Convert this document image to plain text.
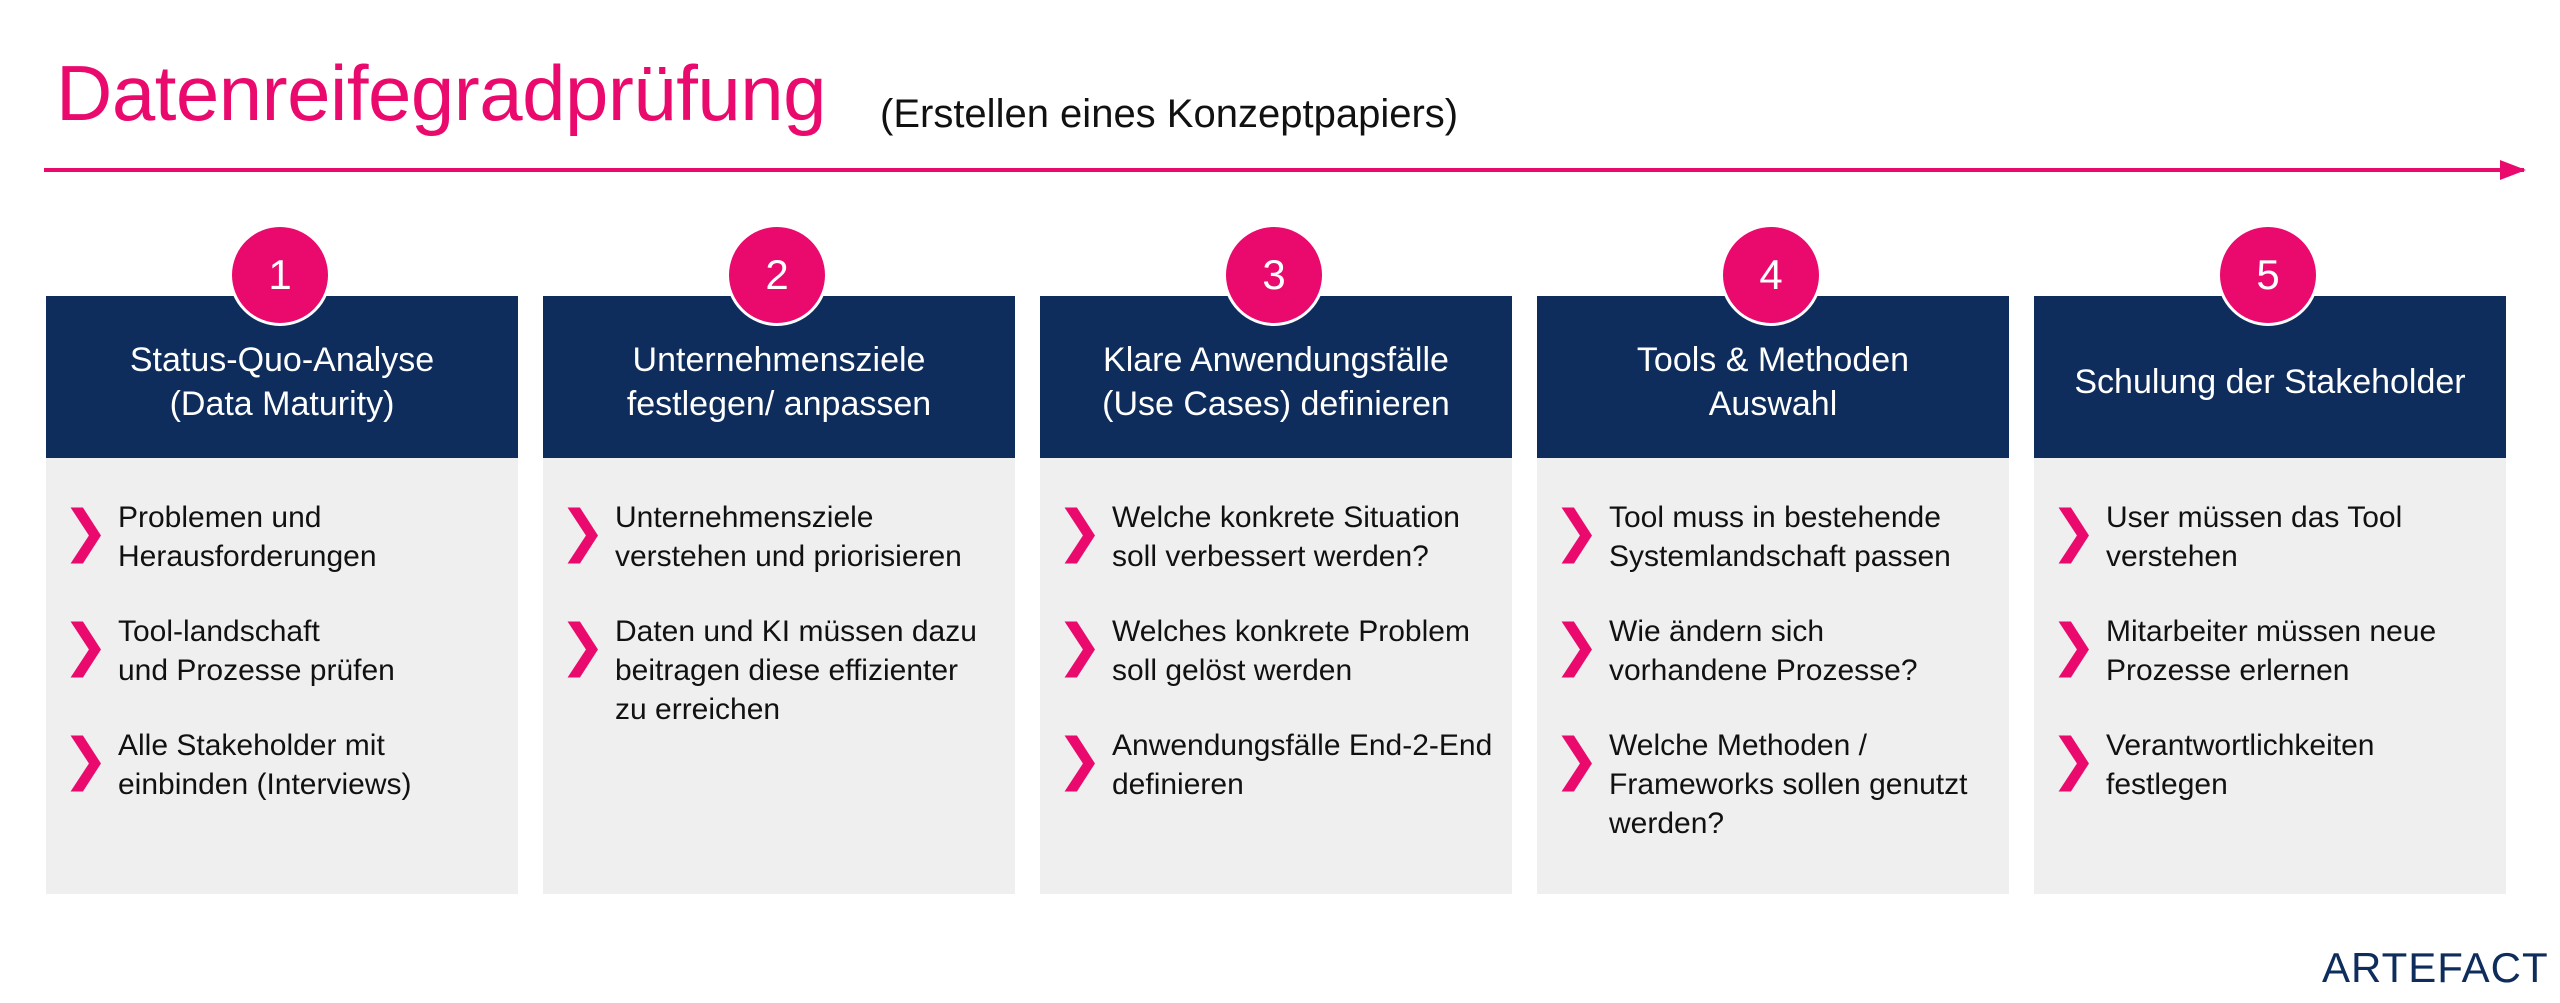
Datenreifegradprüfung (Erstellen eines Konzeptpapiers)
1
Status-Quo-Analyse
(Data Maturity)
❯ Problemen und
Herausforderungen
❯ Tool-landschaft
und Prozesse prüfen
❯ Alle Stakeholder mit
einbinden (Interviews)
2
Unternehmensziele
festlegen/ anpassen
❯ Unternehmensziele
verstehen und priorisieren
❯ Daten und KI müssen dazu
beitragen diese effizienter
zu erreichen
3
Klare Anwendungsfälle
(Use Cases) definieren
❯ Welche konkrete Situation
soll verbessert werden?
❯ Welches konkrete Problem
soll gelöst werden
❯ Anwendungsfälle End-2-End
definieren
4
Tools & Methoden
Auswahl
❯ Tool muss in bestehende
Systemlandschaft passen
❯ Wie ändern sich
vorhandene Prozesse?
❯ Welche Methoden /
Frameworks sollen genutzt
werden?
5
Schulung der Stakeholder
❯ User müssen das Tool
verstehen
❯ Mitarbeiter müssen neue
Prozesse erlernen
❯ Verantwortlichkeiten
festlegen
ARTEFACT
